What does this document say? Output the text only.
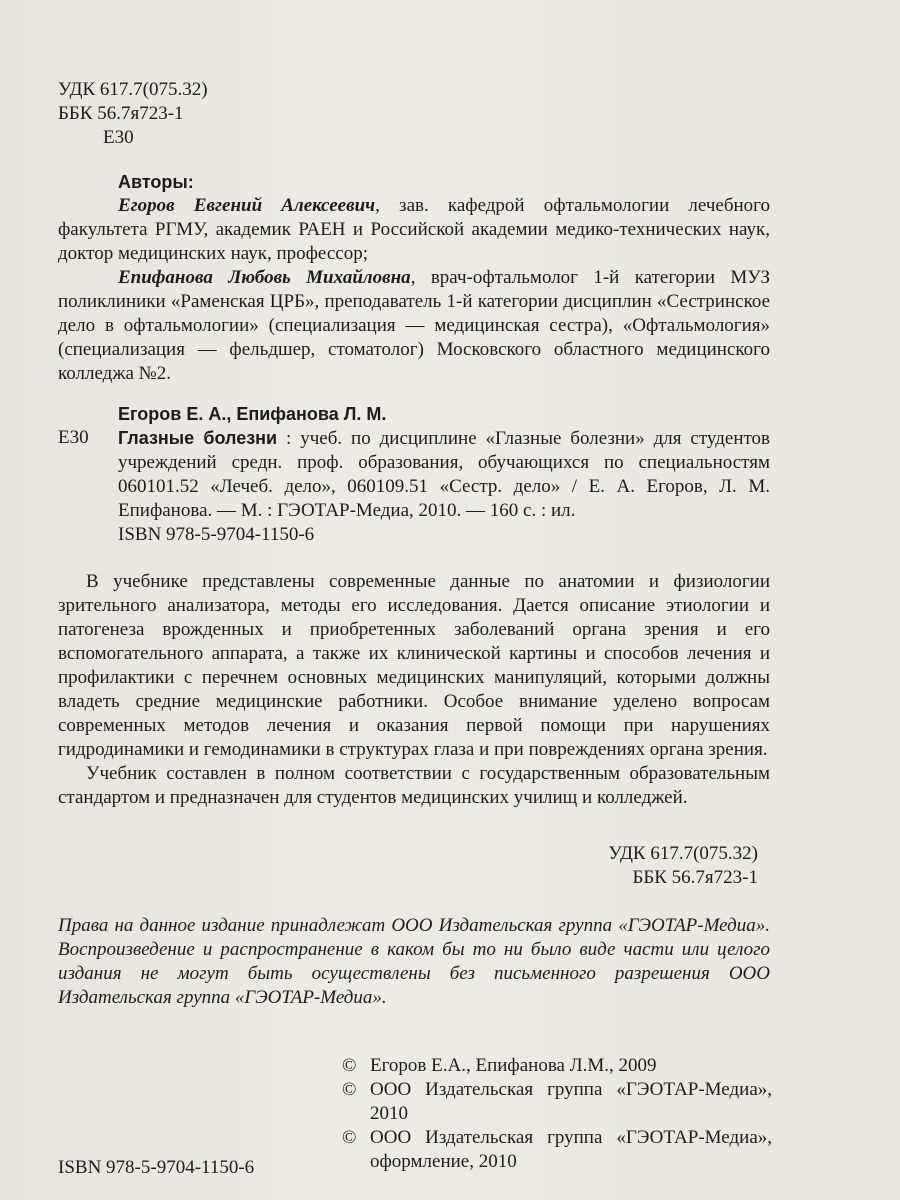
УДК 617.7(075.32)
ББК 56.7я723-1
Е30
Авторы:

Егоров Евгений Алексеевич, зав. кафедрой офтальмологии лечебного факультета РГМУ, академик РАЕН и Российской академии медико-технических наук, доктор медицинских наук, профессор;

Епифанова Любовь Михайловна, врач-офтальмолог 1-й категории МУЗ поликлиники «Раменская ЦРБ», преподаватель 1-й категории дисциплин «Сестринское дело в офтальмологии» (специализация — медицинская сестра), «Офтальмология» (специализация — фельдшер, стоматолог) Московского областного медицинского колледжа №2.

Егоров Е. А., Епифанова Л. М.
Е30	Глазные болезни : учеб. по дисциплине «Глазные болезни» для студентов учреждений средн. проф. образования, обучающихся по специальностям 060101.52 «Лечеб. дело», 060109.51 «Сестр. дело» / Е. А. Егоров, Л. М. Епифанова. — М. : ГЭОТАР-Медиа, 2010. — 160 с. : ил.
ISBN 978-5-9704-1150-6

В учебнике представлены современные данные по анатомии и физиологии зрительного анализатора, методы его исследования. Дается описание этиологии и патогенеза врожденных и приобретенных заболеваний органа зрения и его вспомогательного аппарата, а также их клинической картины и способов лечения и профилактики с перечнем основных медицинских манипуляций, которыми должны владеть средние медицинские работники. Особое внимание уделено вопросам современных методов лечения и оказания первой помощи при нарушениях гидродинамики и гемодинамики в структурах глаза и при повреждениях органа зрения.

Учебник составлен в полном соответствии с государственным образовательным стандартом и предназначен для студентов медицинских училищ и колледжей.

УДК 617.7(075.32)
ББК 56.7я723-1

Права на данное издание принадлежат ООО Издательская группа «ГЭОТАР-Медиа». Воспроизведение и распространение в каком бы то ни было виде части или целого издания не могут быть осуществлены без письменного разрешения ООО Издательская группа «ГЭОТАР-Медиа».

© Егоров Е.А., Епифанова Л.М., 2009

© ООО Издательская группа «ГЭОТАР-Медиа», 2010

© ООО Издательская группа «ГЭОТАР-Медиа», оформление, 2010

ISBN 978-5-9704-1150-6
